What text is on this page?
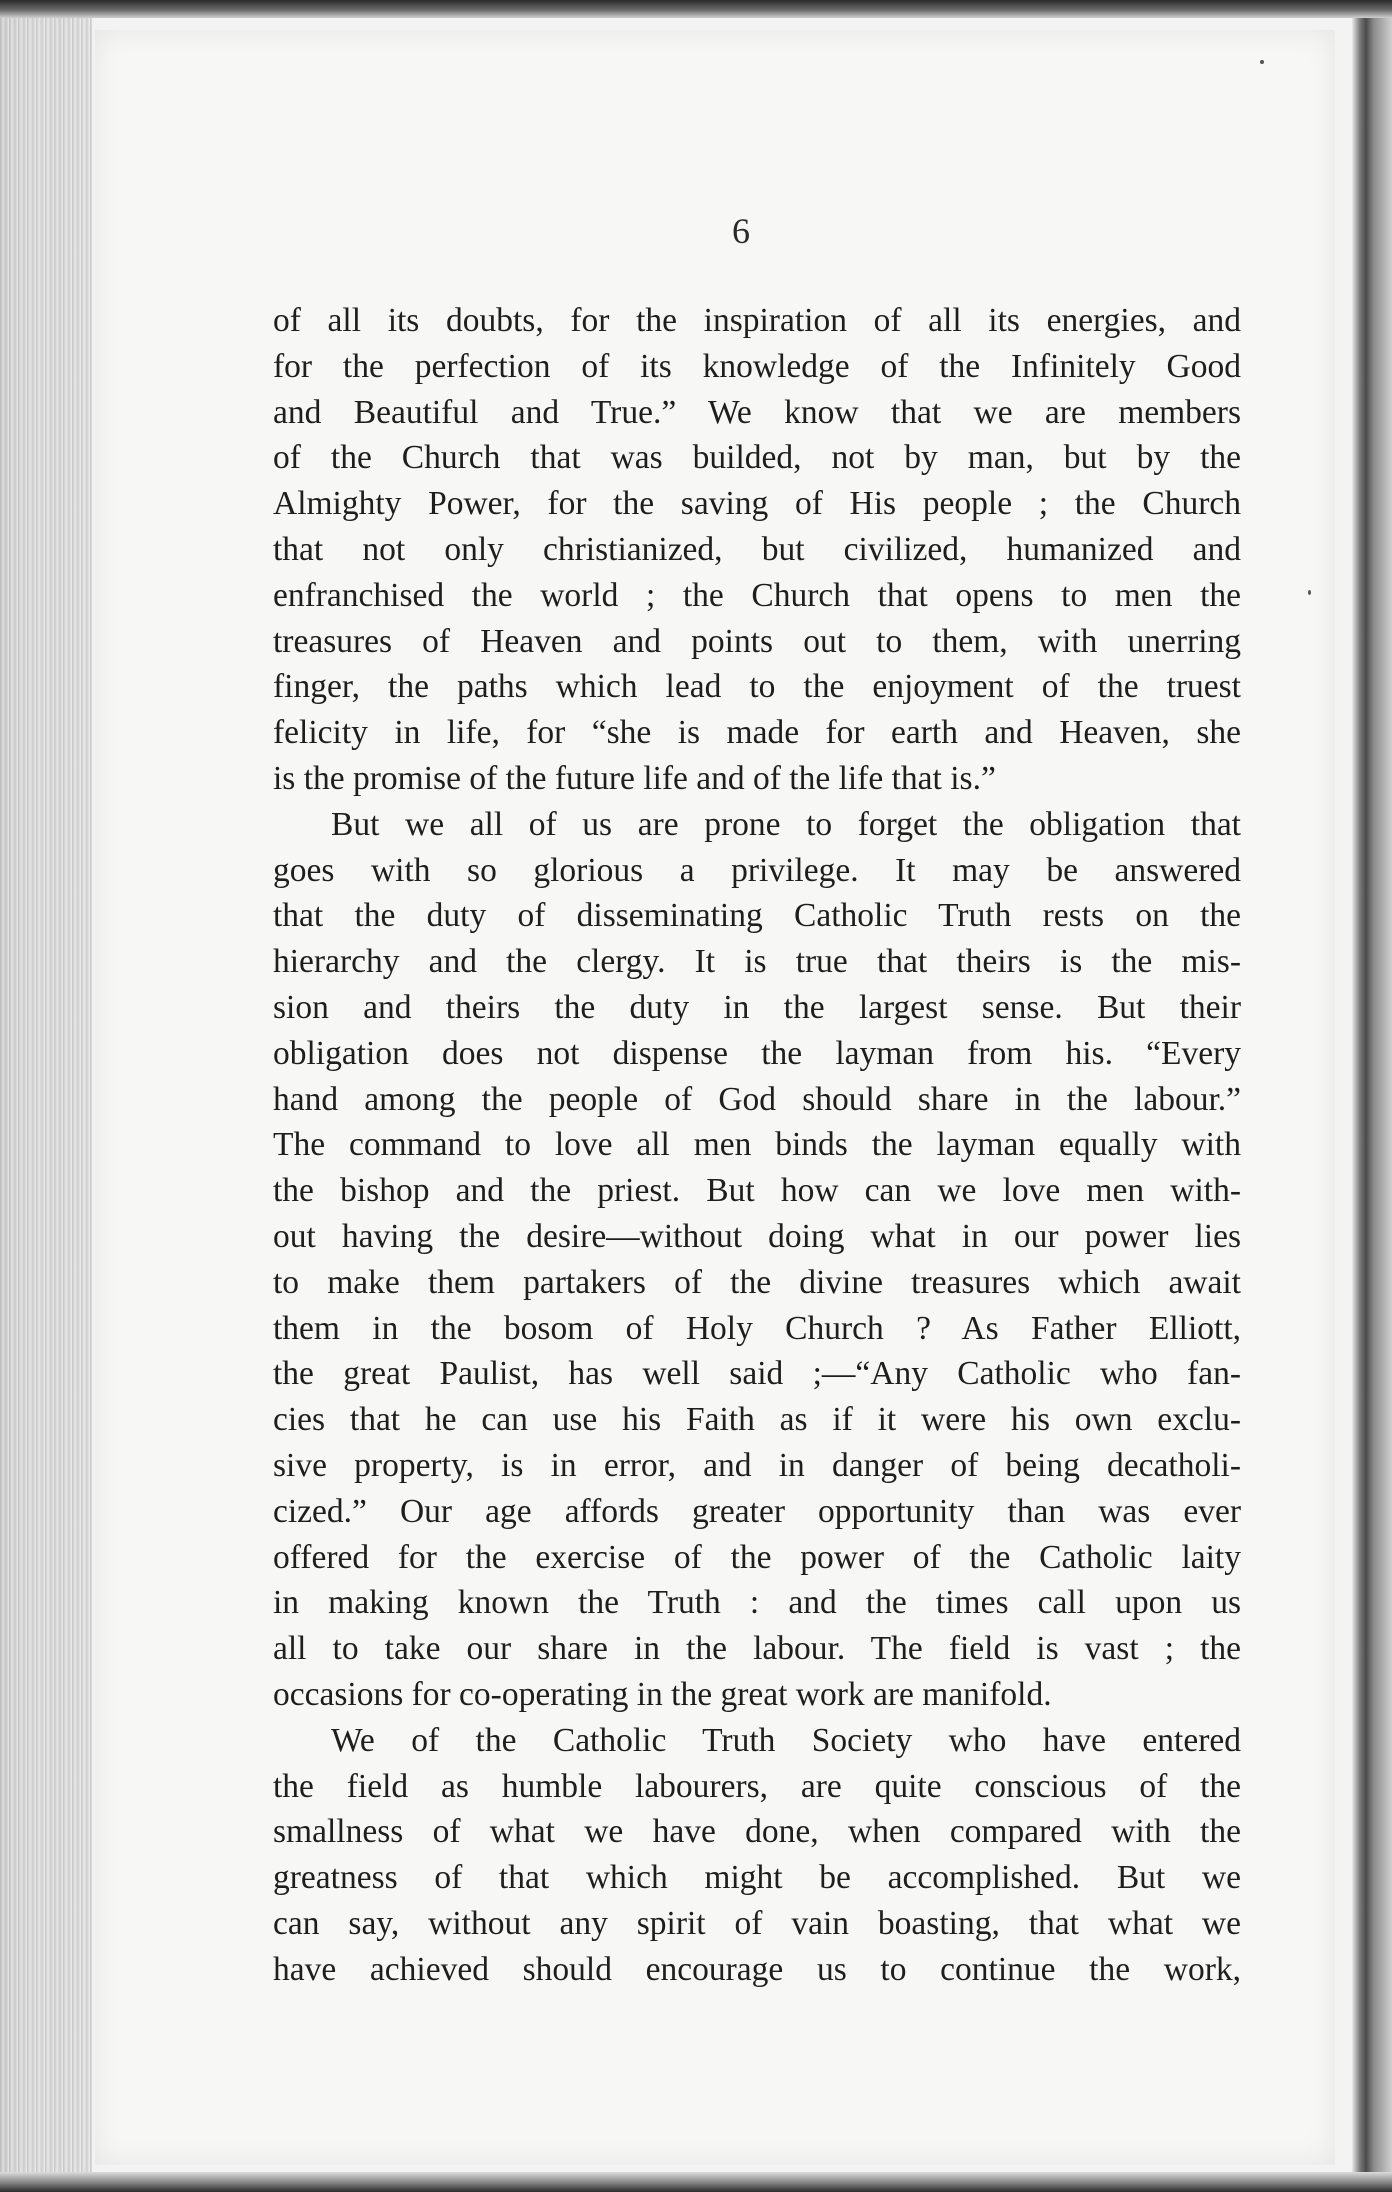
6
of all its doubts, for the inspiration of all its energies, and
for the perfection of its knowledge of the Infinitely Good
and Beautiful and True.” We know that we are members
of the Church that was builded, not by man, but by the
Almighty Power, for the saving of His people ; the Church
that not only christianized, but civilized, humanized and
enfranchised the world ; the Church that opens to men the
treasures of Heaven and points out to them, with unerring
finger, the paths which lead to the enjoyment of the truest
felicity in life, for “she is made for earth and Heaven, she
is the promise of the future life and of the life that is.”
But we all of us are prone to forget the obligation that
goes with so glorious a privilege. It may be answered
that the duty of disseminating Catholic Truth rests on the
hierarchy and the clergy. It is true that theirs is the mis-
sion and theirs the duty in the largest sense. But their
obligation does not dispense the layman from his. “Every
hand among the people of God should share in the labour.”
The command to love all men binds the layman equally with
the bishop and the priest. But how can we love men with-
out having the desire—without doing what in our power lies
to make them partakers of the divine treasures which await
them in the bosom of Holy Church ? As Father Elliott,
the great Paulist, has well said ;—“Any Catholic who fan-
cies that he can use his Faith as if it were his own exclu-
sive property, is in error, and in danger of being decatholi-
cized.” Our age affords greater opportunity than was ever
offered for the exercise of the power of the Catholic laity
in making known the Truth : and the times call upon us
all to take our share in the labour. The field is vast ; the
occasions for co-operating in the great work are manifold.
We of the Catholic Truth Society who have entered
the field as humble labourers, are quite conscious of the
smallness of what we have done, when compared with the
greatness of that which might be accomplished. But we
can say, without any spirit of vain boasting, that what we
have achieved should encourage us to continue the work,
